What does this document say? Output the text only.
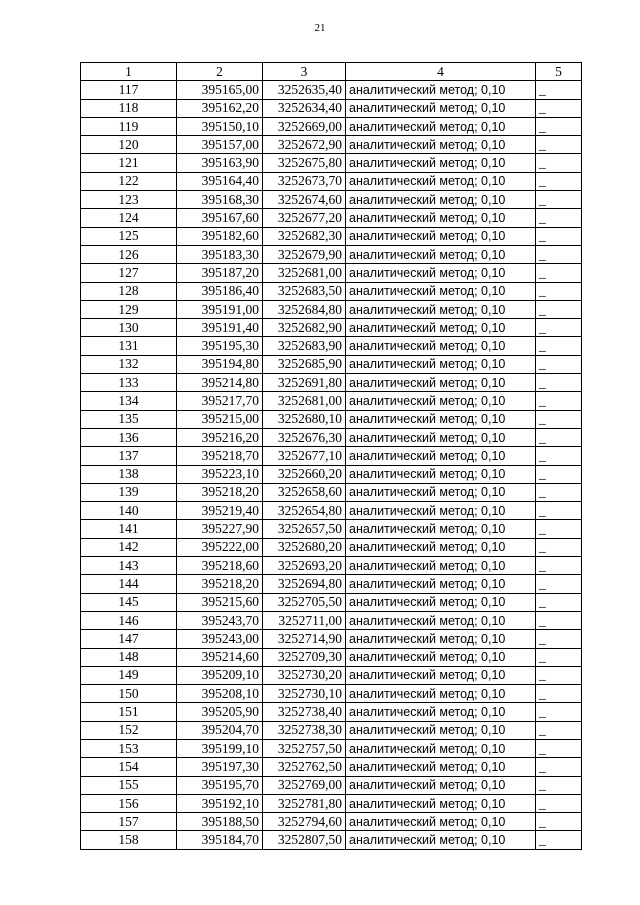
21
1	2	3	4	5
117	395165,00	3252635,40	аналитический метод; 0,10	_
118	395162,20	3252634,40	аналитический метод; 0,10	_
119	395150,10	3252669,00	аналитический метод; 0,10	_
120	395157,00	3252672,90	аналитический метод; 0,10	_
121	395163,90	3252675,80	аналитический метод; 0,10	_
122	395164,40	3252673,70	аналитический метод; 0,10	_
123	395168,30	3252674,60	аналитический метод; 0,10	_
124	395167,60	3252677,20	аналитический метод; 0,10	_
125	395182,60	3252682,30	аналитический метод; 0,10	_
126	395183,30	3252679,90	аналитический метод; 0,10	_
127	395187,20	3252681,00	аналитический метод; 0,10	_
128	395186,40	3252683,50	аналитический метод; 0,10	_
129	395191,00	3252684,80	аналитический метод; 0,10	_
130	395191,40	3252682,90	аналитический метод; 0,10	_
131	395195,30	3252683,90	аналитический метод; 0,10	_
132	395194,80	3252685,90	аналитический метод; 0,10	_
133	395214,80	3252691,80	аналитический метод; 0,10	_
134	395217,70	3252681,00	аналитический метод; 0,10	_
135	395215,00	3252680,10	аналитический метод; 0,10	_
136	395216,20	3252676,30	аналитический метод; 0,10	_
137	395218,70	3252677,10	аналитический метод; 0,10	_
138	395223,10	3252660,20	аналитический метод; 0,10	_
139	395218,20	3252658,60	аналитический метод; 0,10	_
140	395219,40	3252654,80	аналитический метод; 0,10	_
141	395227,90	3252657,50	аналитический метод; 0,10	_
142	395222,00	3252680,20	аналитический метод; 0,10	_
143	395218,60	3252693,20	аналитический метод; 0,10	_
144	395218,20	3252694,80	аналитический метод; 0,10	_
145	395215,60	3252705,50	аналитический метод; 0,10	_
146	395243,70	3252711,00	аналитический метод; 0,10	_
147	395243,00	3252714,90	аналитический метод; 0,10	_
148	395214,60	3252709,30	аналитический метод; 0,10	_
149	395209,10	3252730,20	аналитический метод; 0,10	_
150	395208,10	3252730,10	аналитический метод; 0,10	_
151	395205,90	3252738,40	аналитический метод; 0,10	_
152	395204,70	3252738,30	аналитический метод; 0,10	_
153	395199,10	3252757,50	аналитический метод; 0,10	_
154	395197,30	3252762,50	аналитический метод; 0,10	_
155	395195,70	3252769,00	аналитический метод; 0,10	_
156	395192,10	3252781,80	аналитический метод; 0,10	_
157	395188,50	3252794,60	аналитический метод; 0,10	_
158	395184,70	3252807,50	аналитический метод; 0,10	_
